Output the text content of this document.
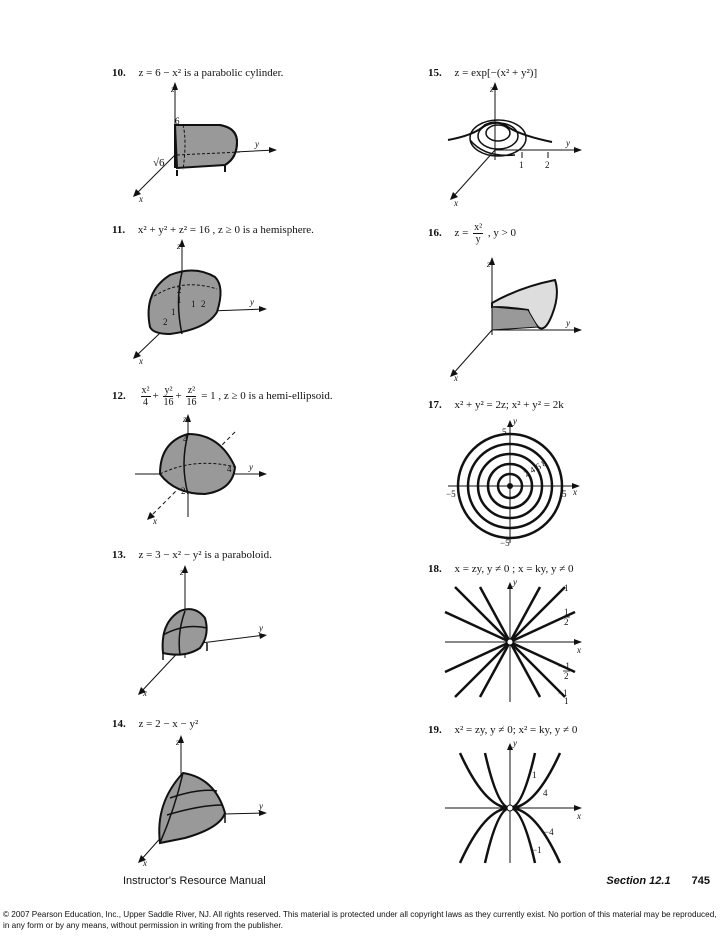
10. z = 6 − x² is a parabolic cylinder.
z
y
x
6
√6
11. x² + y² + z² = 16 , z ≥ 0 is a hemisphere.
z
y
x
2
1 1 2
1
2
12. $\frac{\text{x²}}{4} + \frac{\text{y²}}{16} + \frac{\text{z²}}{16} = 1$ , z ≥ 0 is a hemi-ellipsoid.
z
y
x
4
4
2
13. z = 3 − x² − y² is a paraboloid.
z
y
x
14. z = 2 − x − y²
z
y
x
15. z = exp[−(x² + y²)]
z
y
x
1 2
16. $z = \frac{\text{x²}}{y}$ , y > 0
z
y
x
17. x² + y² = 2z; x² + y² = 2k
y
x
5
−5
5
−5
2 4 6 8
18. x = zy, y ≠ 0 ; x = ky, y ≠ 0
y
x
1
1
2
− 1
2
−1
1
19. x² = zy, y ≠ 0; x² = ky, y ≠ 0
y
x
1
4
−4
−1
Instructor's Resource Manual	Section 12.1 745
© 2007 Pearson Education, Inc., Upper Saddle River, NJ. All rights reserved. This material is protected under all copyright laws as they currently exist. No portion of this material may be reproduced, in any form or by any means, without permission in writing from the publisher.
